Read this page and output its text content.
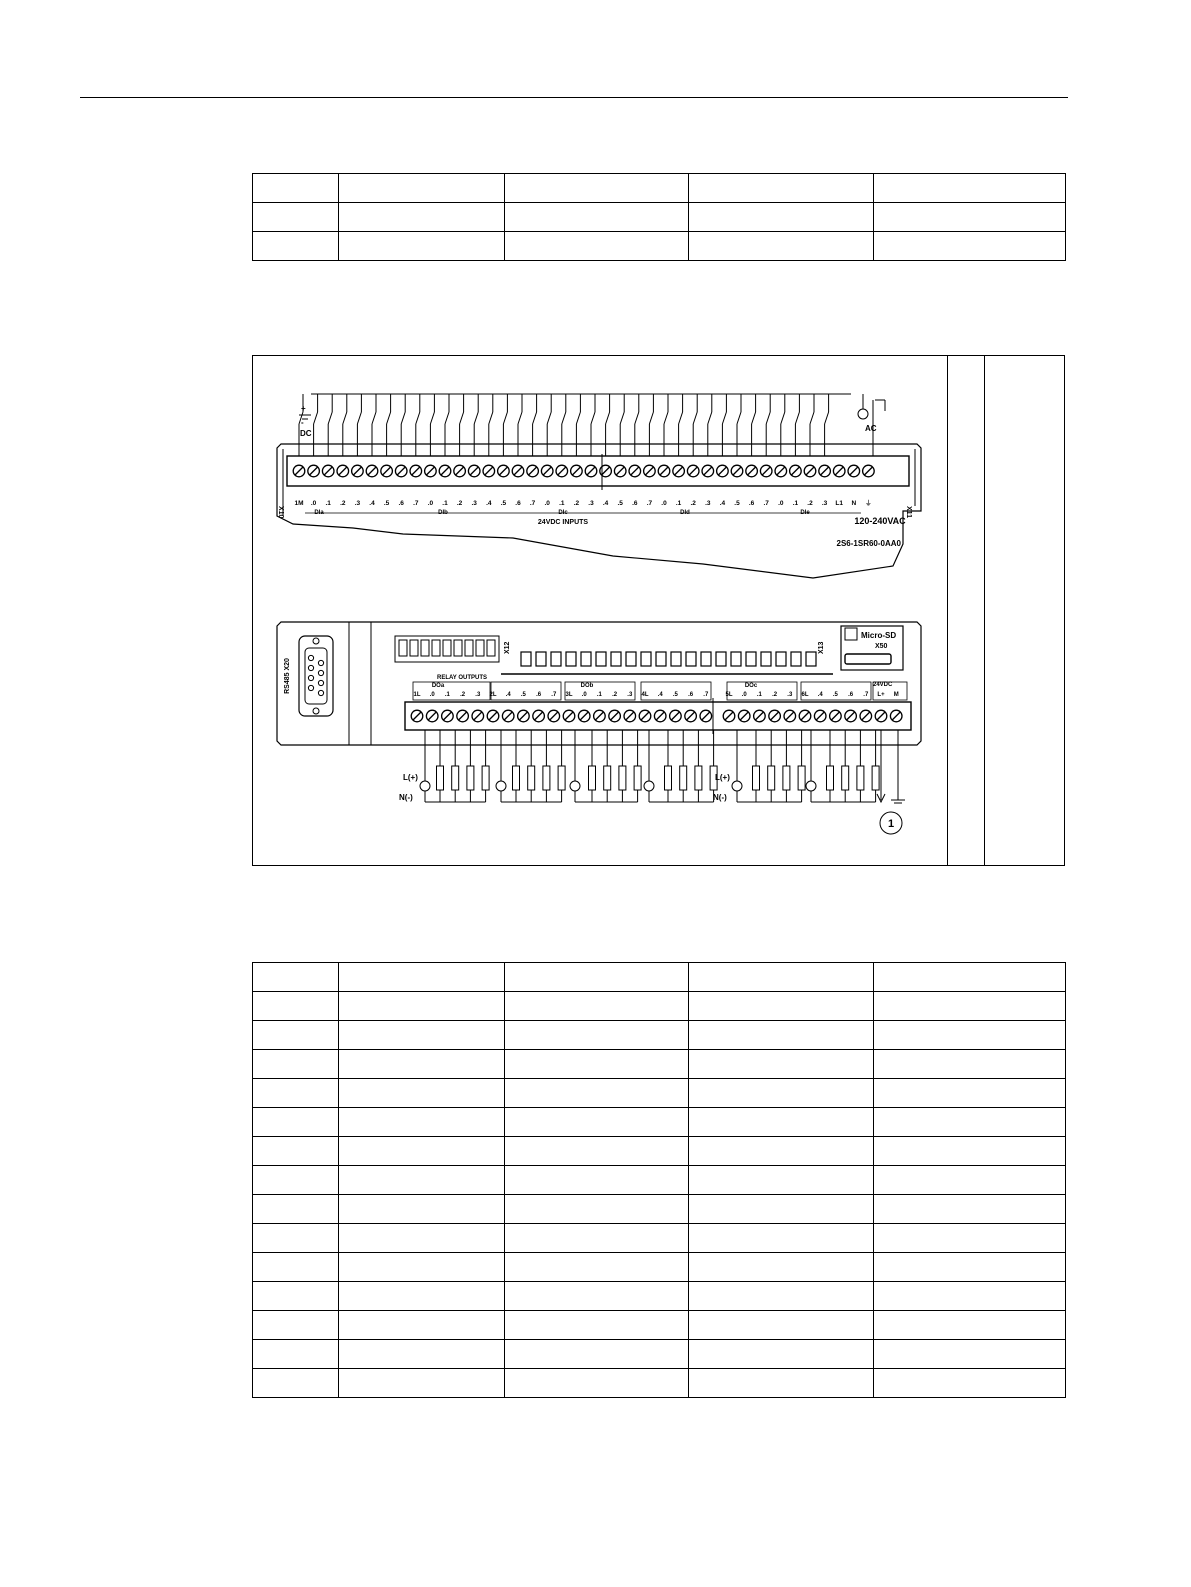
+
-
DC
AC
X10	X11
1M .0 .1 .2 .3 .4 .5 .6 .7 .0 .1 .2 .3 .4 .5 .6 .7 .0 .1 .2 .3 .4 .5 .6 .7 .0 .1 .2 .3 .4 .5 .6 .7 .0 .1 .2 .3 L1 N ⏚
DIa	DIb	DIc	DId	DIe
24VDC INPUTS	120-240VAC
2S6-1SR60-0AA0
RS485 X20
X12	X13
Micro-SD
X50
RELAY OUTPUTS
DOa	DOb	DOc
1L .0 .1 .2 .3 2L .4 .5 .6 .7 3L .0 .1 .2 .3 4L .4 .5 .6 .7	5L .0 .1 .2 .3 6L .4 .5 .6 .7 L+ M
24VDC
L(+)
N(-)
L(+)
N(-)
1
